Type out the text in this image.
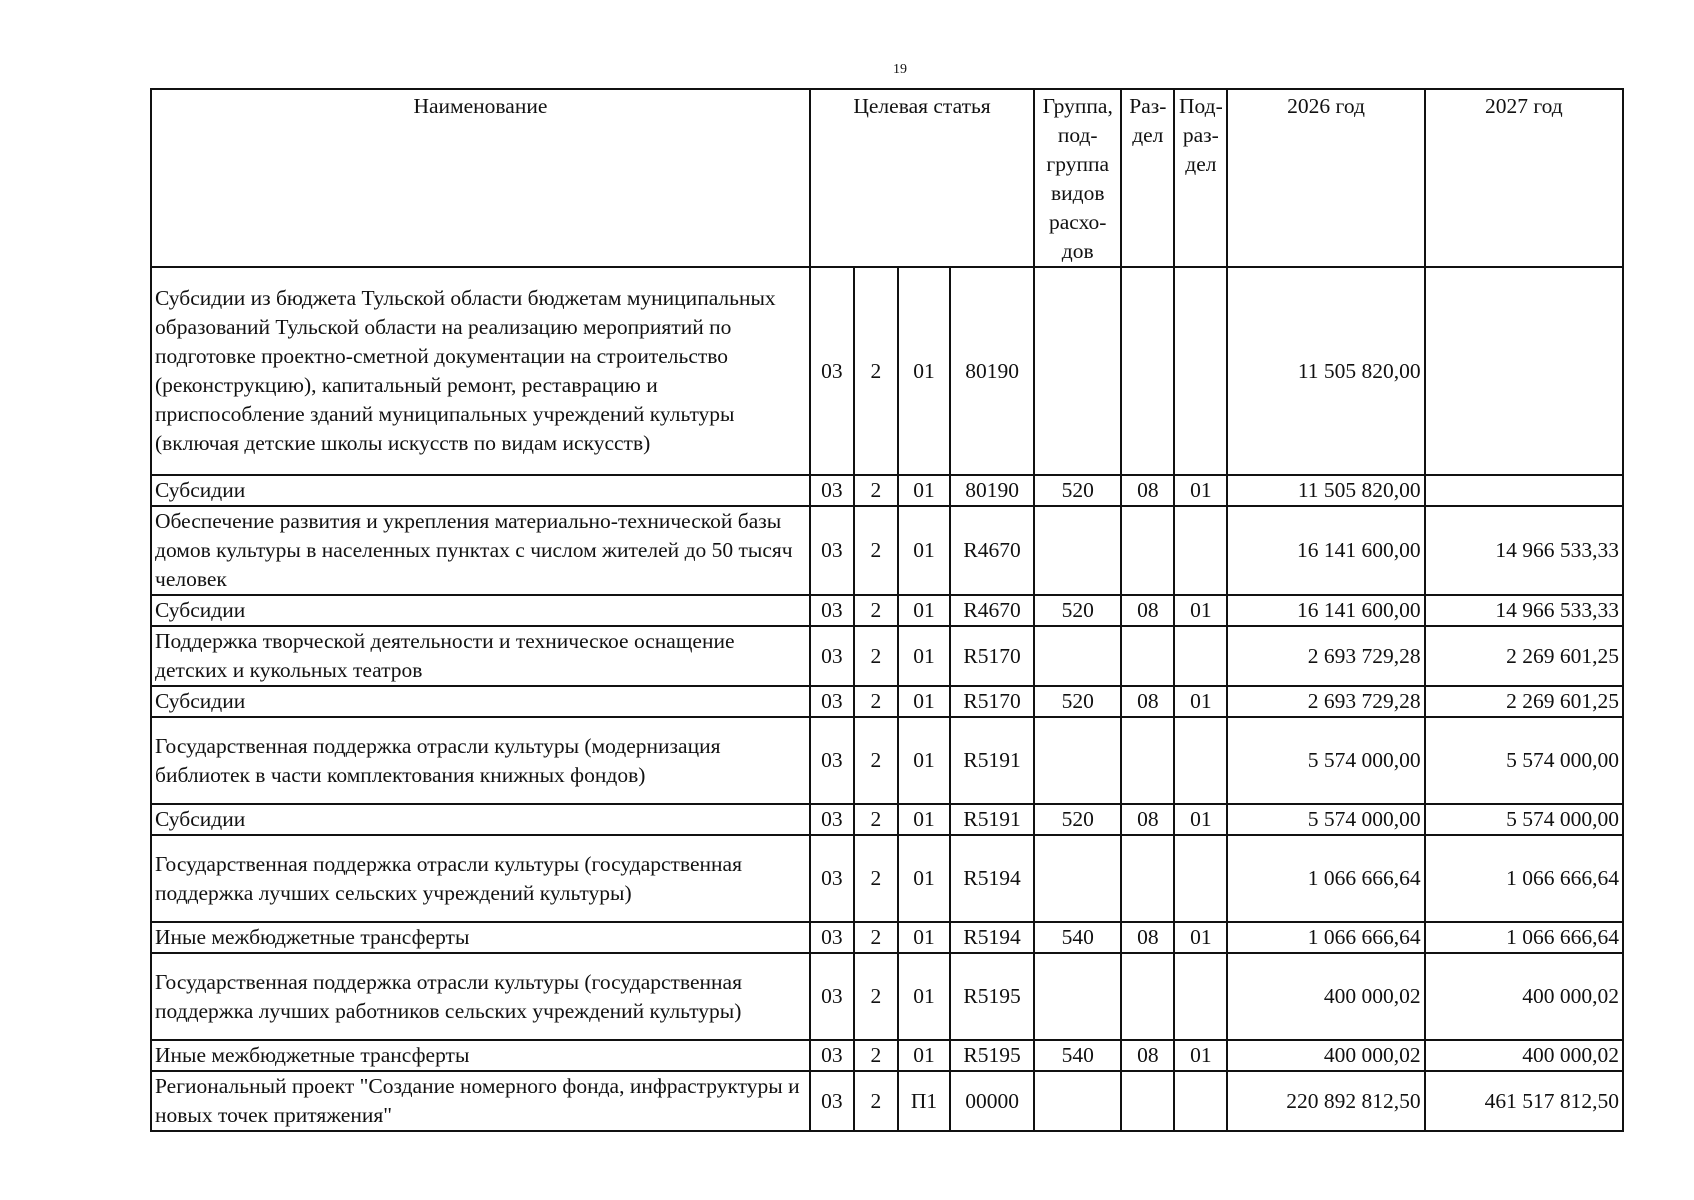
19
Наименование	Целевая статья				Группа, под-группа видов расхо-дов	Раз-дел	Под-раз-дел	2026 год	2027 год
Субсидии из бюджета Тульской области бюджетам муниципальных образований Тульской области на реализацию мероприятий по подготовке проектно-сметной документации на строительство (реконструкцию), капитальный ремонт, реставрацию и приспособление зданий муниципальных учреждений культуры (включая детские школы искусств по видам искусств)	03	2	01	80190				11 505 820,00	
Субсидии	03	2	01	80190	520	08	01	11 505 820,00	
Обеспечение развития и укрепления материально-технической базы домов культуры в населенных пунктах с числом жителей до 50 тысяч человек	03	2	01	R4670				16 141 600,00	14 966 533,33
Субсидии	03	2	01	R4670	520	08	01	16 141 600,00	14 966 533,33
Поддержка творческой деятельности и техническое оснащение детских и кукольных театров	03	2	01	R5170				2 693 729,28	2 269 601,25
Субсидии	03	2	01	R5170	520	08	01	2 693 729,28	2 269 601,25
Государственная поддержка отрасли культуры (модернизация библиотек в части комплектования книжных фондов)	03	2	01	R5191				5 574 000,00	5 574 000,00
Субсидии	03	2	01	R5191	520	08	01	5 574 000,00	5 574 000,00
Государственная поддержка отрасли культуры (государственная поддержка лучших сельских учреждений культуры)	03	2	01	R5194				1 066 666,64	1 066 666,64
Иные межбюджетные трансферты	03	2	01	R5194	540	08	01	1 066 666,64	1 066 666,64
Государственная поддержка отрасли культуры (государственная поддержка лучших работников сельских учреждений культуры)	03	2	01	R5195				400 000,02	400 000,02
Иные межбюджетные трансферты	03	2	01	R5195	540	08	01	400 000,02	400 000,02
Региональный проект "Создание номерного фонда, инфраструктуры и новых точек притяжения"	03	2	П1	00000				220 892 812,50	461 517 812,50
